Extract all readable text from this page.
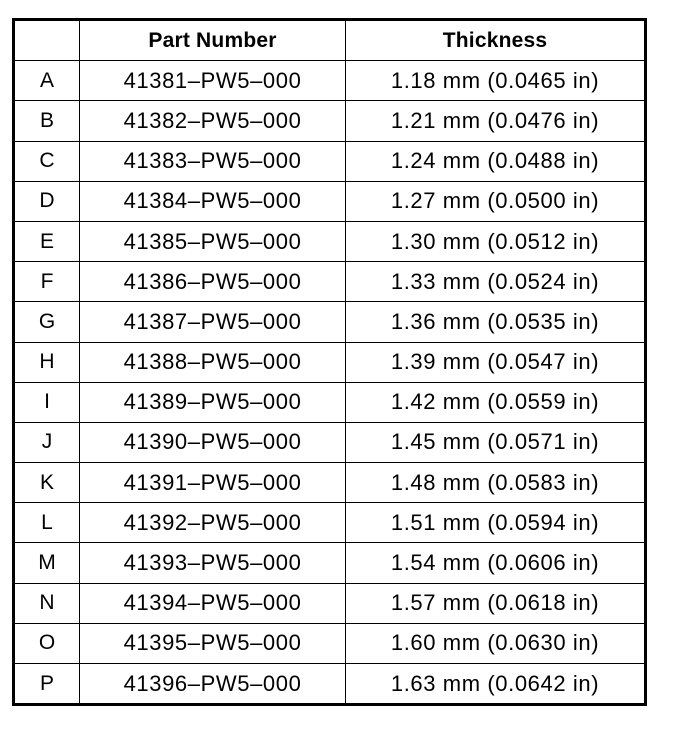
	Part Number	Thickness
A	41381–PW5–000	1.18 mm (0.0465 in)
B	41382–PW5–000	1.21 mm (0.0476 in)
C	41383–PW5–000	1.24 mm (0.0488 in)
D	41384–PW5–000	1.27 mm (0.0500 in)
E	41385–PW5–000	1.30 mm (0.0512 in)
F	41386–PW5–000	1.33 mm (0.0524 in)
G	41387–PW5–000	1.36 mm (0.0535 in)
H	41388–PW5–000	1.39 mm (0.0547 in)
I	41389–PW5–000	1.42 mm (0.0559 in)
J	41390–PW5–000	1.45 mm (0.0571 in)
K	41391–PW5–000	1.48 mm (0.0583 in)
L	41392–PW5–000	1.51 mm (0.0594 in)
M	41393–PW5–000	1.54 mm (0.0606 in)
N	41394–PW5–000	1.57 mm (0.0618 in)
O	41395–PW5–000	1.60 mm (0.0630 in)
P	41396–PW5–000	1.63 mm (0.0642 in)
